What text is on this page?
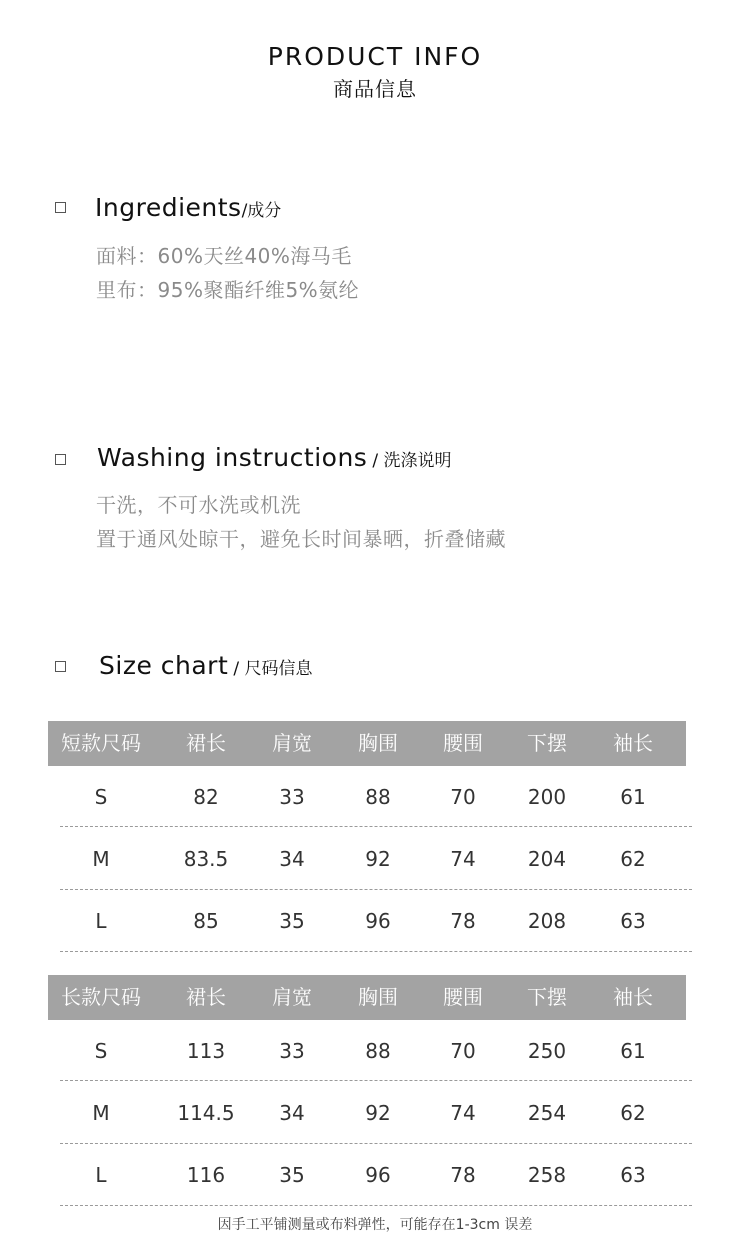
PRODUCT INFO
商品信息
Ingredients/成分
面料：60%天丝40%海马毛
里布：95%聚酯纤维5%氨纶
Washing instructions / 洗涤说明
干洗，不可水洗或机洗
置于通风处晾干，避免长时间暴晒，折叠储藏
Size chart / 尺码信息
短款尺码	裙长	肩宽	胸围	腰围	下摆	袖长
S	82	33	88	70	200	61
M	83.5	34	92	74	204	62
L	85	35	96	78	208	63
长款尺码	裙长	肩宽	胸围	腰围	下摆	袖长
S	113	33	88	70	250	61
M	114.5	34	92	74	254	62
L	116	35	96	78	258	63
因手工平铺测量或布料弹性，可能存在1-3cm 误差
